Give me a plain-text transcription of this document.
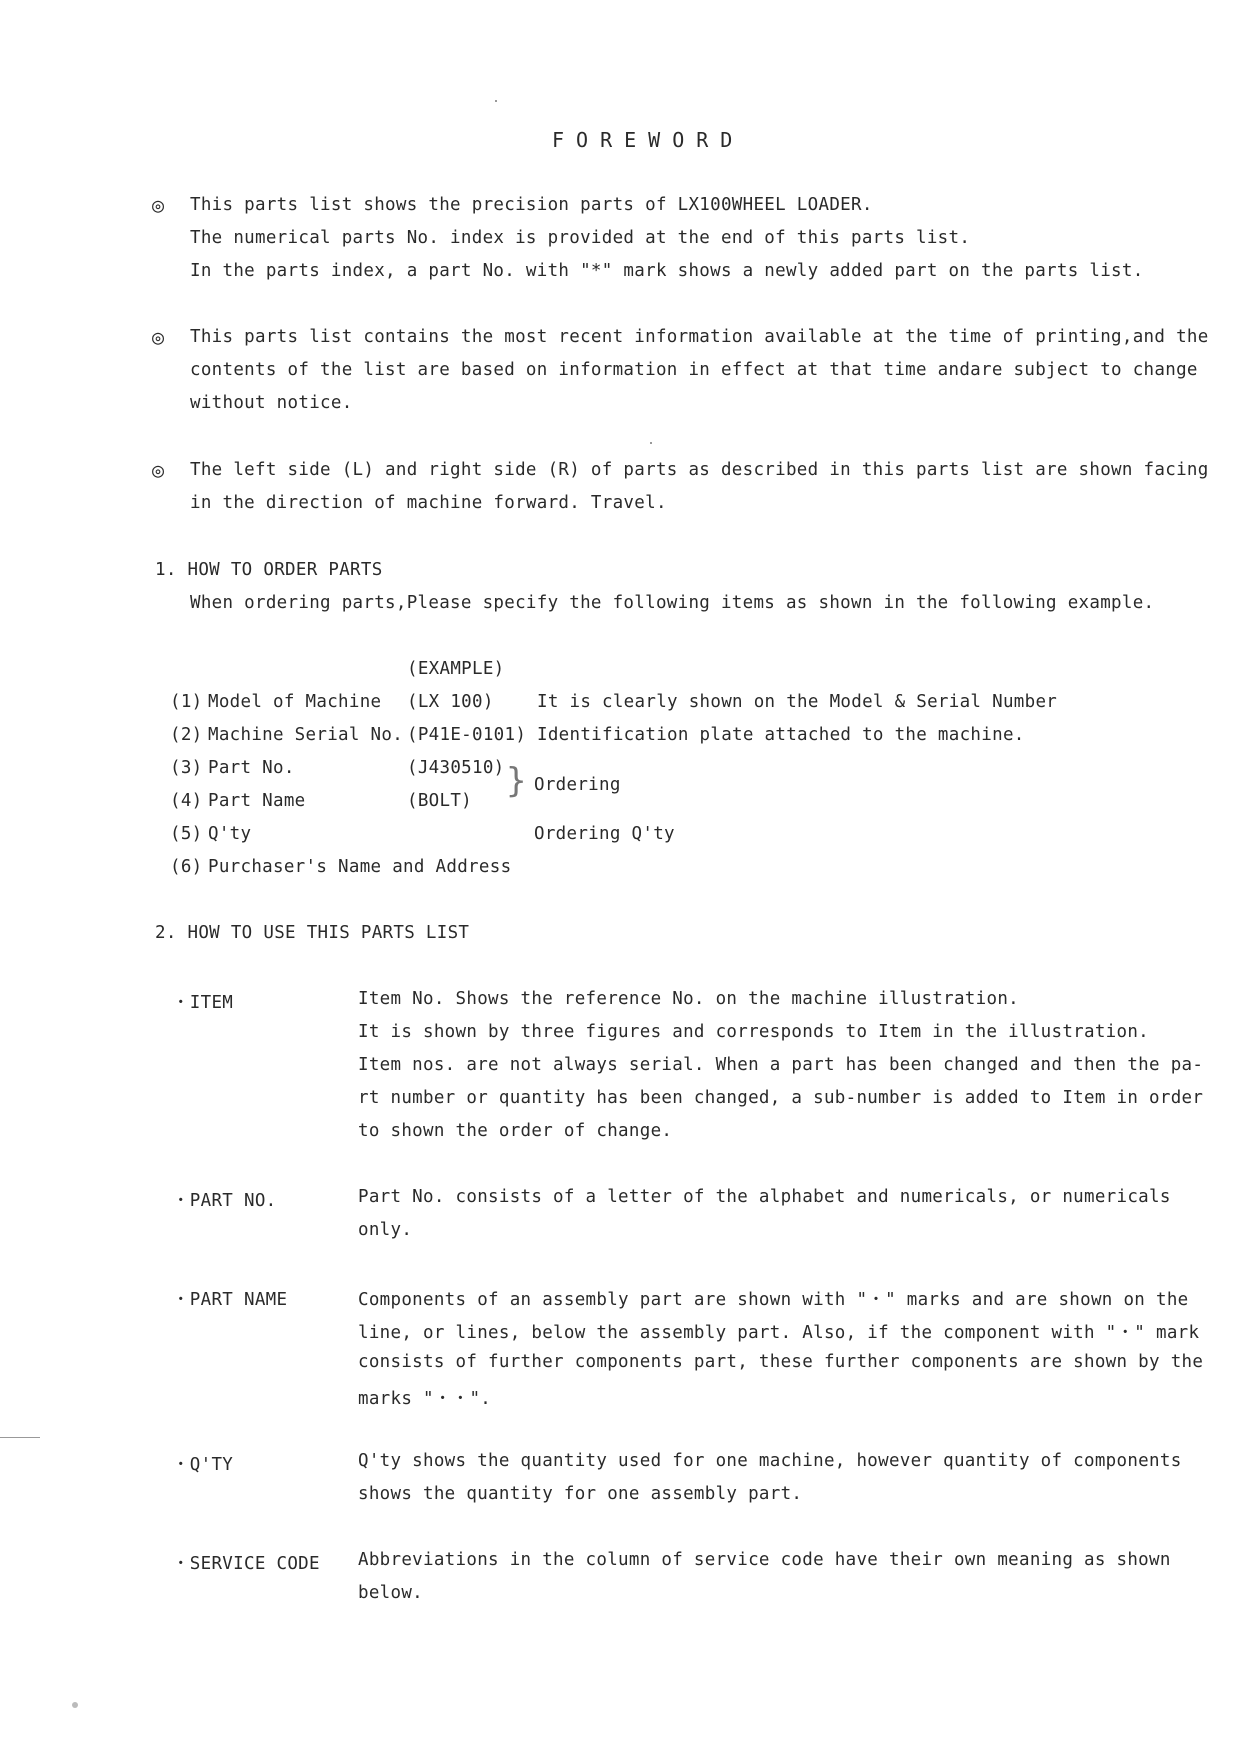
FOREWORD
◎ This parts list shows the precision parts of LX100WHEEL LOADER.
The numerical parts No. index is provided at the end of this parts list.
In the parts index, a part No. with "*" mark shows a newly added part on the parts list.
◎ This parts list contains the most recent information available at the time of printing,and the
contents of the list are based on information in effect at that time andare subject to change
without notice.
◎ The left side (L) and right side (R) of parts as described in this parts list are shown facing
in the direction of machine forward. Travel.
1. HOW TO ORDER PARTS
When ordering parts,Please specify the following items as shown in the following example.
(EXAMPLE)
(1) Model of Machine (LX 100) It is clearly shown on the Model & Serial Number
(2) Machine Serial No. (P41E-0101) Identification plate attached to the machine.
(3) Part No.	(J430510)
(4) Part Name	(BOLT) } Ordering
(5) Q'ty	Ordering Q'ty
(6) Purchaser's Name and Address
2. HOW TO USE THIS PARTS LIST
・ITEM	Item No. Shows the reference No. on the machine illustration.
It is shown by three figures and corresponds to Item in the illustration.
Item nos. are not always serial. When a part has been changed and then the pa-
rt number or quantity has been changed, a sub-number is added to Item in order
to shown the order of change.
・PART NO.	Part No. consists of a letter of the alphabet and numericals, or numericals
only.
・PART NAME	Components of an assembly part are shown with "・" marks and are shown on the
line, or lines, below the assembly part. Also, if the component with "・" mark
consists of further components part, these further components are shown by the
marks "・・".
・Q'TY	Q'ty shows the quantity used for one machine, however quantity of components
shows the quantity for one assembly part.
・SERVICE CODE Abbreviations in the column of service code have their own meaning as shown
below.
